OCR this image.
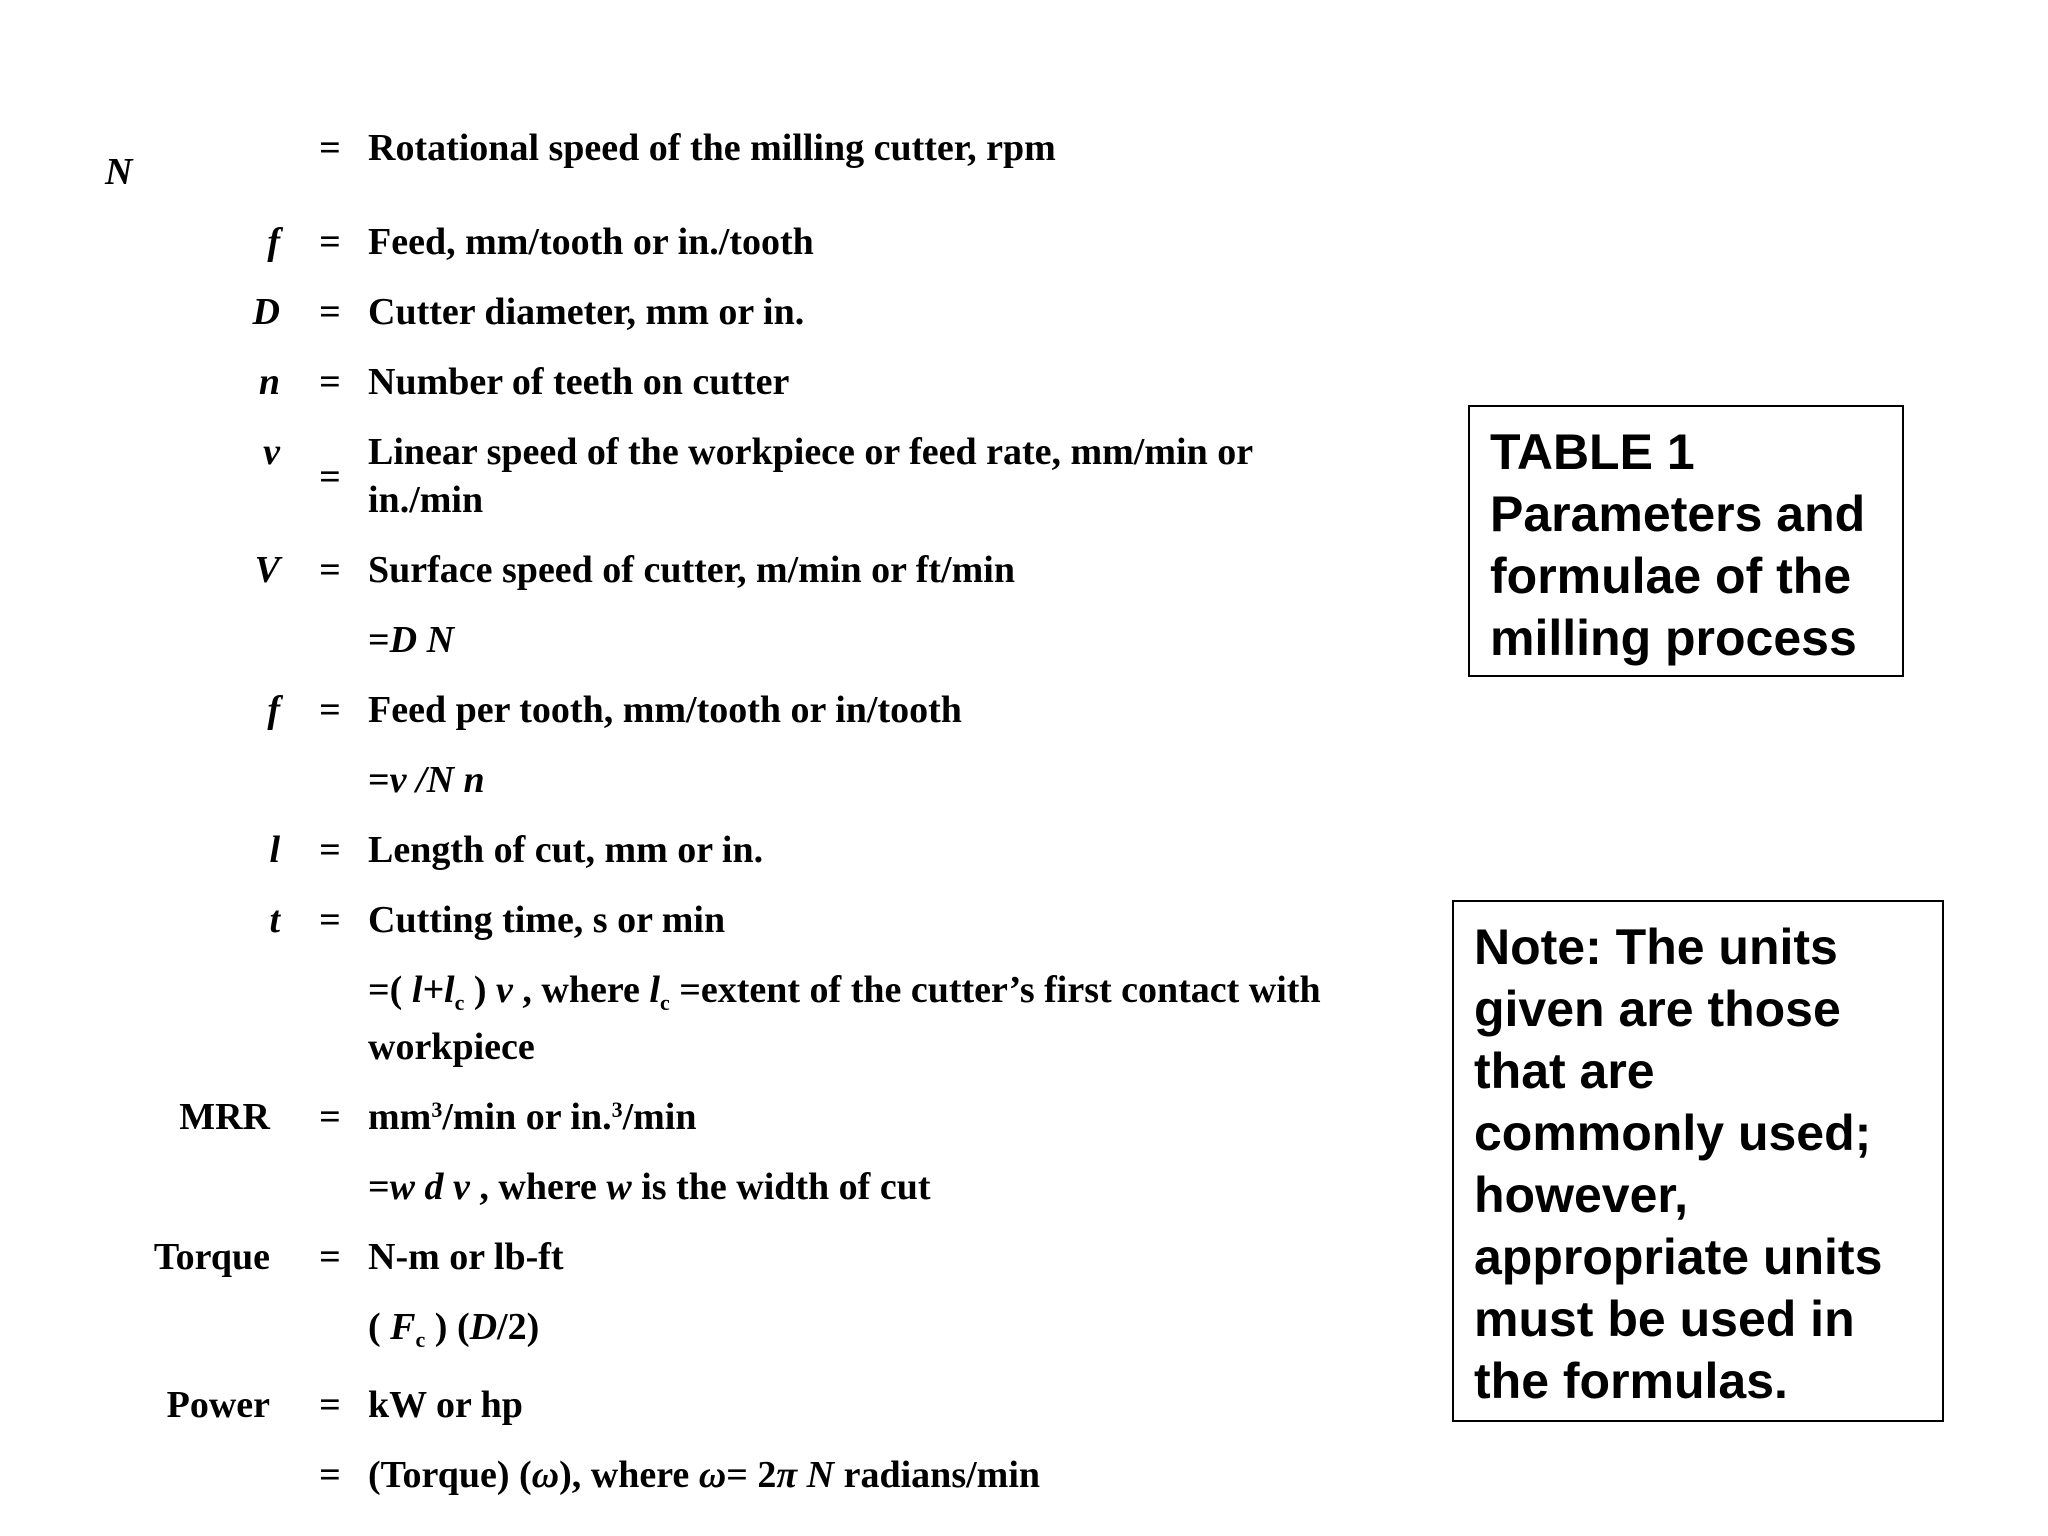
N
= Rotational speed of the milling cutter, rpm
f = Feed, mm/tooth or in./tooth
D = Cutter diameter, mm or in.
n = Number of teeth on cutter
v
=
Linear speed of the workpiece or feed rate, mm/min or
in./min
V = Surface speed of cutter, m/min or ft/min
=D N
f = Feed per tooth, mm/tooth or in/tooth
=v /N n
l = Length of cut, mm or in.
t = Cutting time, s or min
=( $l+l_c$ ) v , where $l_c$ =extent of the cutter’s first contact with
workpiece
MRR = $mm^3/\min$ or in.$^3$/min
=w d v , where w is the width of cut
Torque = N-m or lb-ft
( $F_c$ ) (D/2)
Power = kW or hp
= (Torque) (ω), where ω= 2π N radians/min

TABLE 1
Parameters and
formulae of the
milling process

Note: The units
given are those
that are
commonly used;
however,
appropriate units
must be used in
the formulas.
